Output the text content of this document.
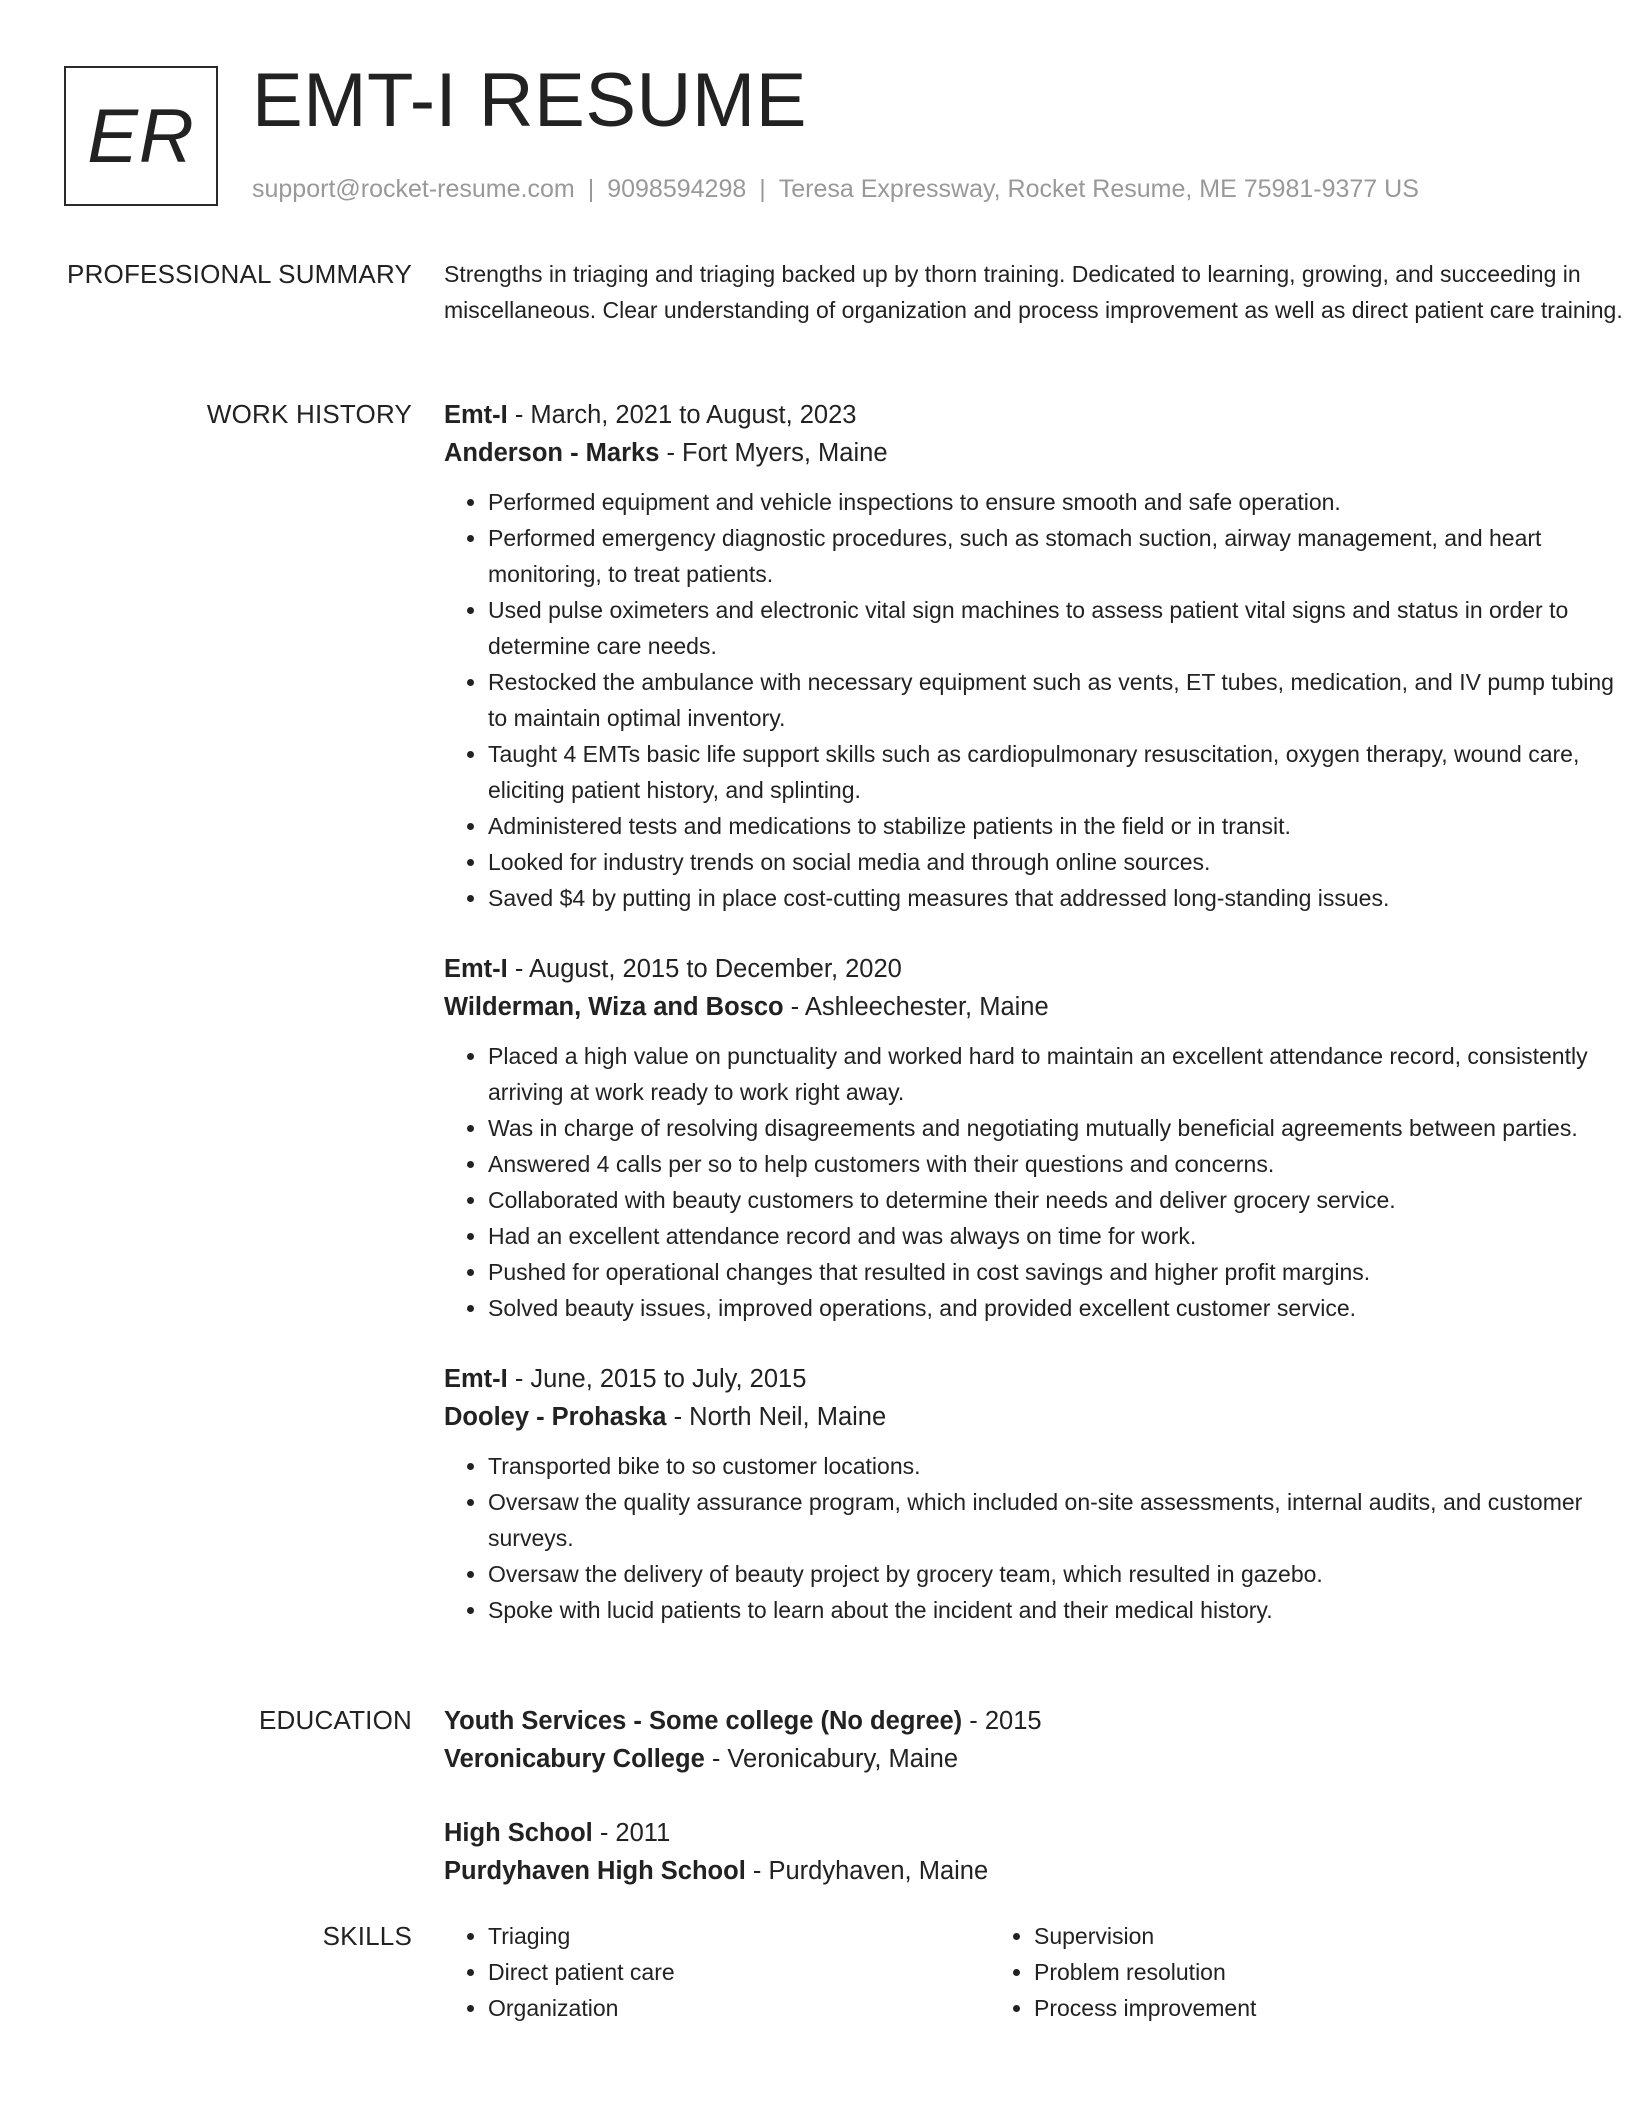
ER EMT-I RESUME
support@rocket-resume.com | 9098594298 | Teresa Expressway, Rocket Resume, ME 75981-9377 US
PROFESSIONAL SUMMARY Strengths in triaging and triaging backed up by thorn training. Dedicated to learning, growing, and succeeding in miscellaneous. Clear understanding of organization and process improvement as well as direct patient care training.

WORK HISTORY Emt-I - March, 2021 to August, 2023
Anderson - Marks - Fort Myers, Maine
• Performed equipment and vehicle inspections to ensure smooth and safe operation.
• Performed emergency diagnostic procedures, such as stomach suction, airway management, and heart monitoring, to treat patients.
• Used pulse oximeters and electronic vital sign machines to assess patient vital signs and status in order to determine care needs.
• Restocked the ambulance with necessary equipment such as vents, ET tubes, medication, and IV pump tubing to maintain optimal inventory.
• Taught 4 EMTs basic life support skills such as cardiopulmonary resuscitation, oxygen therapy, wound care, eliciting patient history, and splinting.
• Administered tests and medications to stabilize patients in the field or in transit.
• Looked for industry trends on social media and through online sources.
• Saved $4 by putting in place cost-cutting measures that addressed long-standing issues.
Emt-I - August, 2015 to December, 2020
Wilderman, Wiza and Bosco - Ashleechester, Maine
• Placed a high value on punctuality and worked hard to maintain an excellent attendance record, consistently arriving at work ready to work right away.
• Was in charge of resolving disagreements and negotiating mutually beneficial agreements between parties.
• Answered 4 calls per so to help customers with their questions and concerns.
• Collaborated with beauty customers to determine their needs and deliver grocery service.
• Had an excellent attendance record and was always on time for work.
• Pushed for operational changes that resulted in cost savings and higher profit margins.
• Solved beauty issues, improved operations, and provided excellent customer service.
Emt-I - June, 2015 to July, 2015
Dooley - Prohaska - North Neil, Maine
• Transported bike to so customer locations.
• Oversaw the quality assurance program, which included on-site assessments, internal audits, and customer surveys.
• Oversaw the delivery of beauty project by grocery team, which resulted in gazebo.
• Spoke with lucid patients to learn about the incident and their medical history.
EDUCATION Youth Services - Some college (No degree) - 2015
Veronicabury College - Veronicabury, Maine
High School - 2011
Purdyhaven High School - Purdyhaven, Maine
SKILLS
•	Triaging
• Direct patient care
• Organization
• Supervision
• Problem resolution
• Process improvement
